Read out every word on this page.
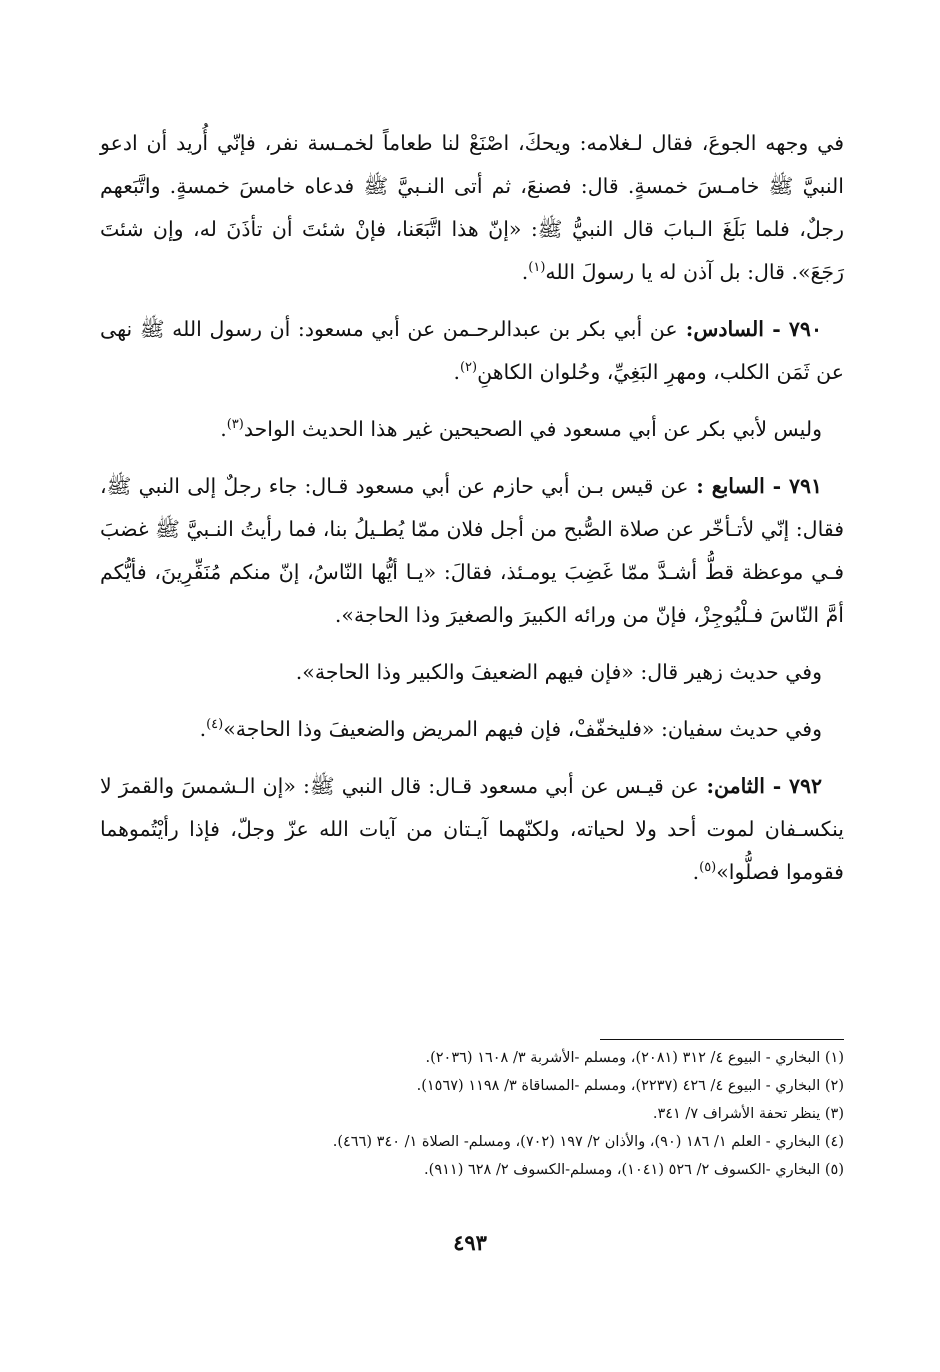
في وجهه الجوعَ، فقال لـغلامه: ويحكَ، اصْنَعْ لنا طعاماً لخمـسة نفر، فإنّي أُريد أن ادعو النبيَّ ﷺ خامـسَ خمسةٍ. قال: فصنعَ، ثم أتى النـبيَّ ﷺ فدعاه خامسَ خمسةٍ. واتَّبَعهم رجلٌ، فلما بَلَغَ الـبابَ قال النبيُّ ﷺ: «إنّ هذا اتَّبَعَنا، فإنْ شئتَ أن تأذَنَ له، وإن شئتَ رَجَعَ». قال: بل آذن له يا رسولَ الله$^{(١)}$.

٧٩٠ - السادس: عن أبي بكر بن عبدالرحـمن عن أبي مسعود: أن رسول الله ﷺ نهى عن ثَمَن الكلب، ومهرِ البَغِيِّ، وحُلوان الكاهنِ$^{(٢)}$.

وليس لأبي بكر عن أبي مسعود في الصحيحين غير هذا الحديث الواحد$^{(٣)}$.

٧٩١ - السابع : عن قيس بـن أبي حازم عن أبي مسعود قـال: جاء رجلٌ إلى النبي ﷺ، فقال: إنّي لأتـأخّر عن صلاة الصُّبح من أجل فلان ممّا يُطـيلُ بنا، فما رأيتُ النـبيَّ ﷺ غضبَ فـي موعظة قطُّ أشـدَّ ممّا غَضِبَ يومـئذ، فقالَ: «يـا أيُّها النّاسُ، إنّ منكم مُنَفِّرِينَ، فأيُّكم أمَّ النّاسَ فـلْيُوجِزْ، فإنّ من ورائه الكبيرَ والصغيرَ وذا الحاجة».

وفي حديث زهير قال: «فإن فيهم الضعيفَ والكبير وذا الحاجة».

وفي حديث سفيان: «فليخفّفْ، فإن فيهم المريض والضعيفَ وذا الحاجة»$^{(٤)}$.

٧٩٢ - الثامن: عن قيـس عن أبي مسعود قـال: قال النبي ﷺ: «إن الـشمسَ والقمرَ لا ينكسـفان لموت أحد ولا لحياته، ولكنّهما آيـتان من آيات الله عزّ وجلّ، فإذا رأيْتُموهما فقوموا فصلُّوا»$^{(٥)}$.

(١) البخاري - البيوع ٤/ ٣١٢ (٢٠٨١)، ومسلم -الأشربة ٣/ ١٦٠٨ (٢٠٣٦).

(٢) البخاري - البيوع ٤/ ٤٢٦ (٢٢٣٧)، ومسلم -المساقاة ٣/ ١١٩٨ (١٥٦٧).

(٣) ينظر تحفة الأشراف ٧/ ٣٤١.

(٤) البخاري - العلم ١/ ١٨٦ (٩٠)، والأذان ٢/ ١٩٧ (٧٠٢)، ومسلم- الصلاة ١/ ٣٤٠ (٤٦٦).

(٥) البخاري -الكسوف ٢/ ٥٢٦ (١٠٤١)، ومسلم-الكسوف ٢/ ٦٢٨ (٩١١).

٤٩٣
